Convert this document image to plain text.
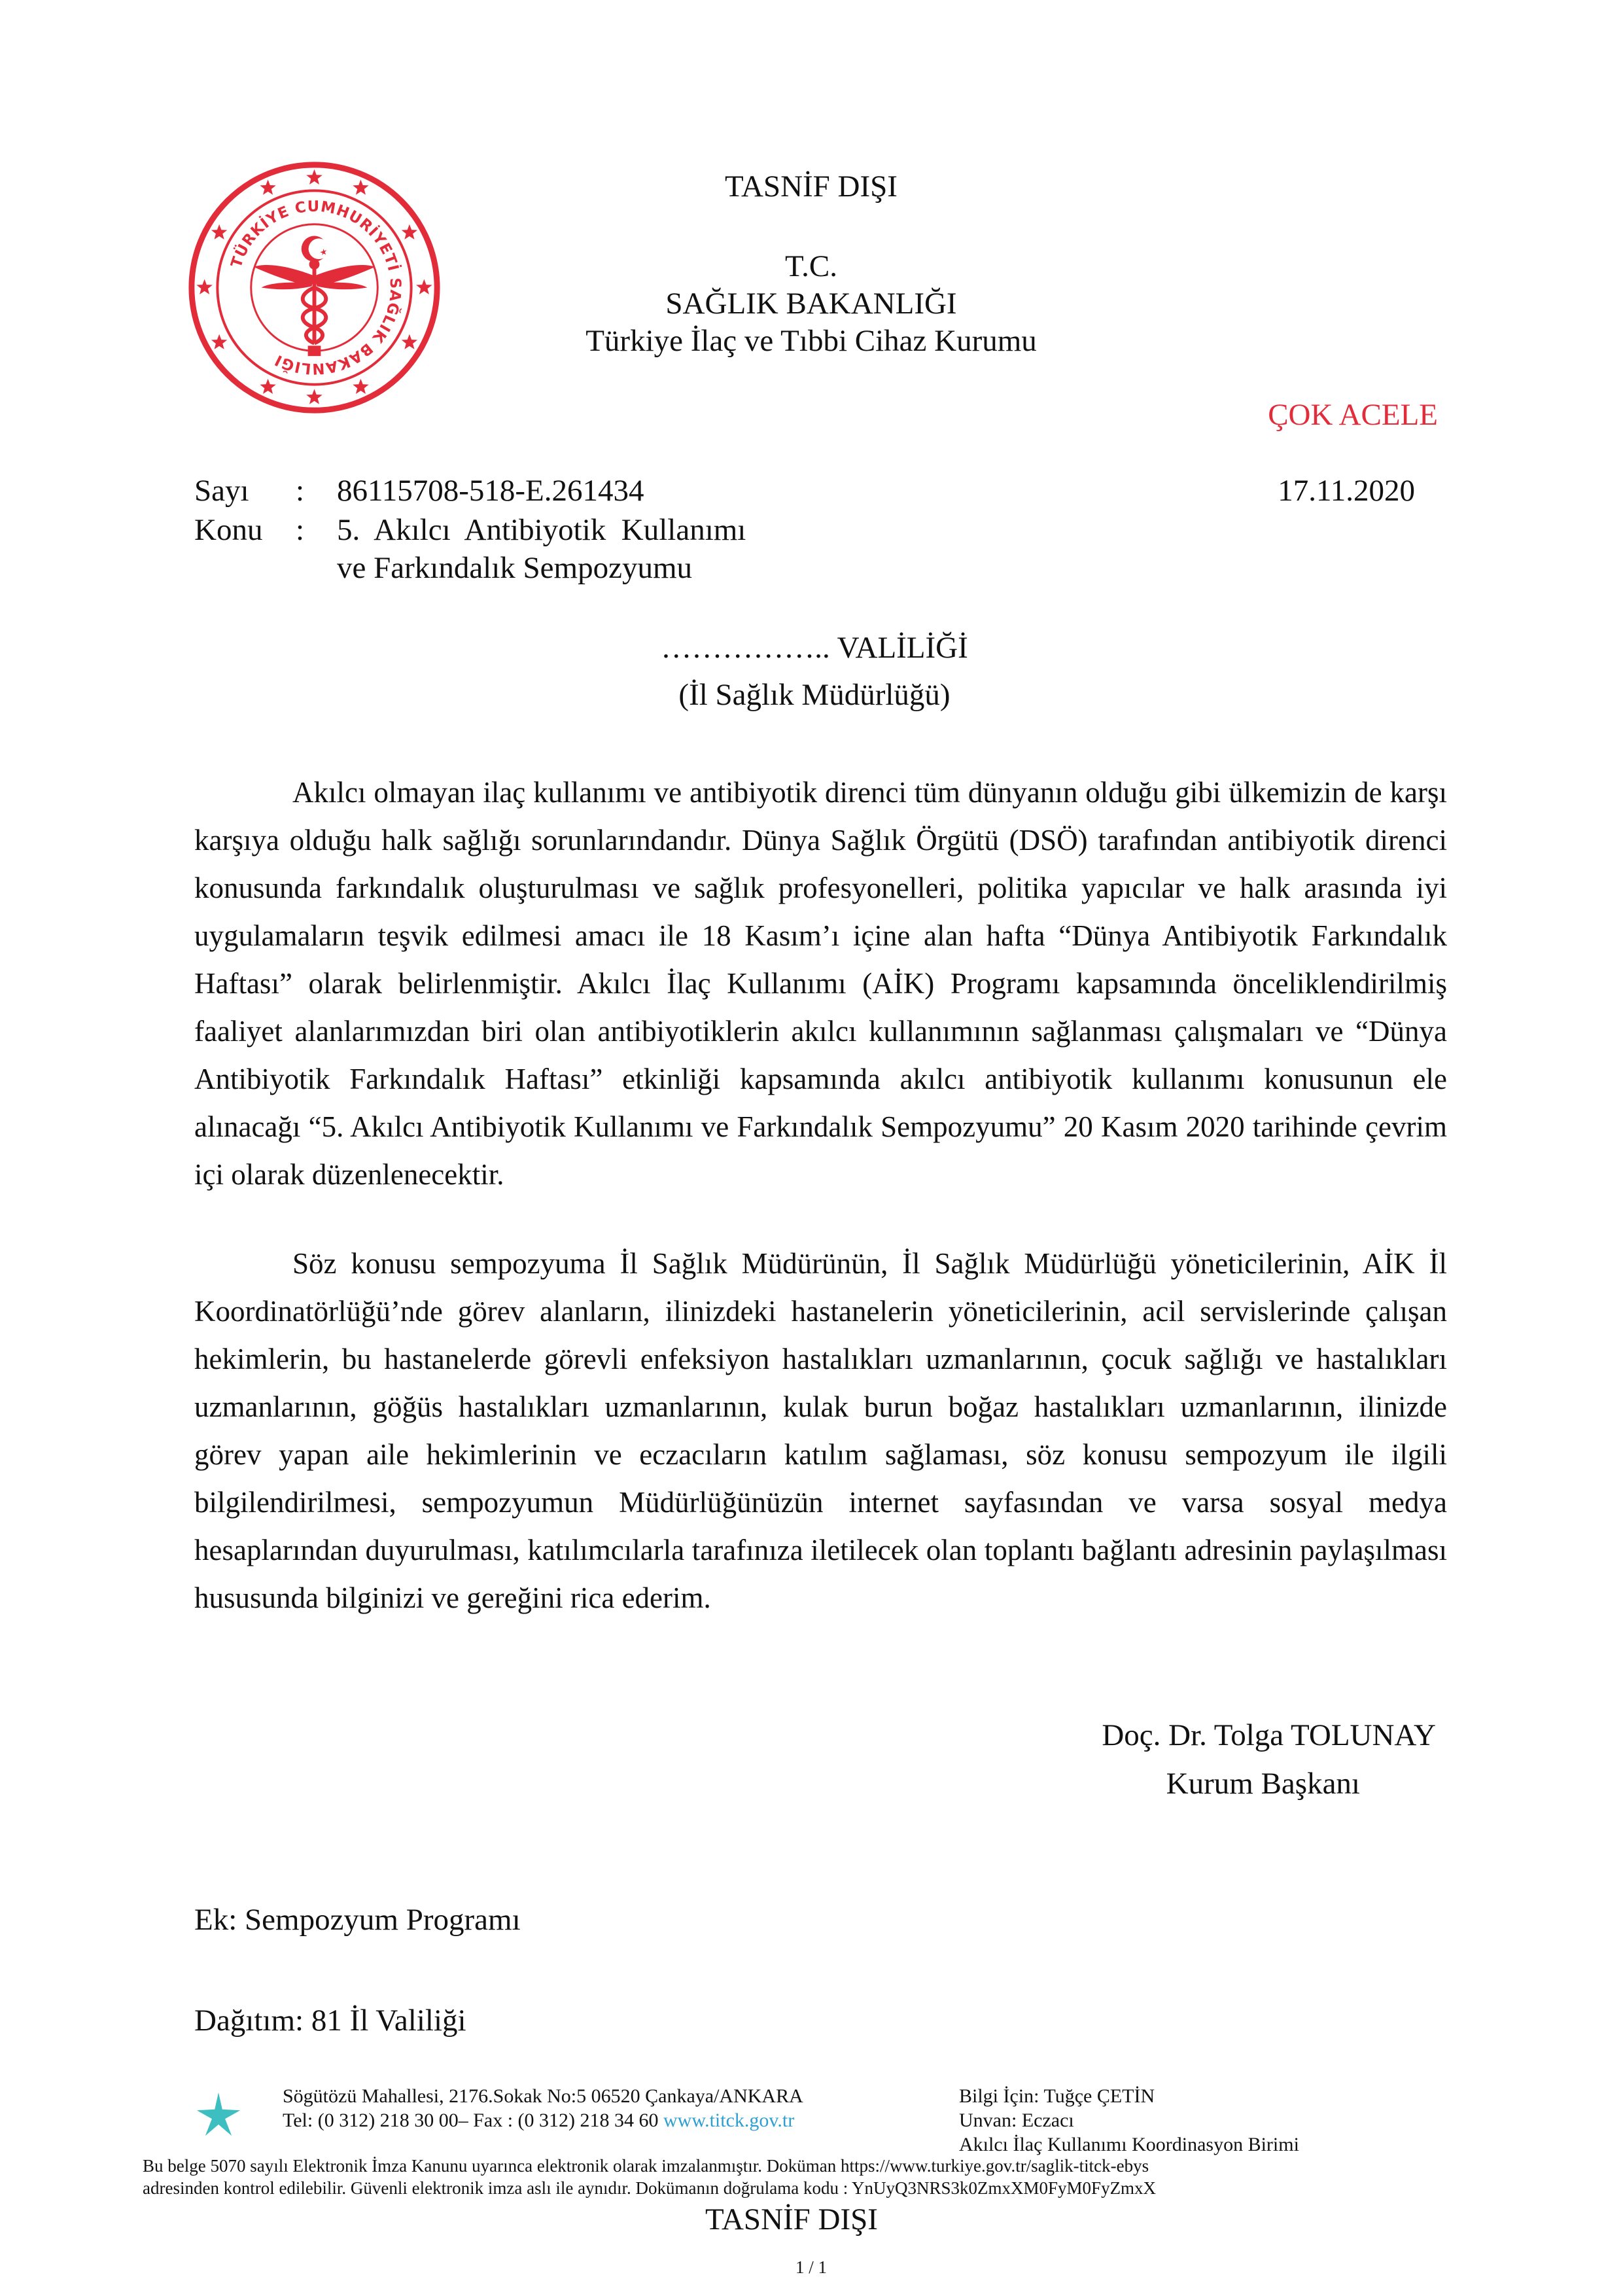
TÜRKİYE CUMHURİYETİ SAĞLIK BAKANLIĞI
TASNİF DIŞI
T.C.
SAĞLIK BAKANLIĞI
Türkiye İlaç ve Tıbbi Cihaz Kurumu
ÇOK ACELE
Sayı : 86115708-518-E.261434	17.11.2020
Konu : 5.  Akılcı  Antibiyotik  Kullanımı
ve Farkındalık Sempozyumu
…………….. VALİLİĞİ
(İl Sağlık Müdürlüğü)
Akılcı olmayan ilaç kullanımı ve antibiyotik direnci tüm dünyanın olduğu gibi ülkemizin de karşı karşıya olduğu halk sağlığı sorunlarındandır. Dünya Sağlık Örgütü (DSÖ) tarafından antibiyotik direnci konusunda farkındalık oluşturulması ve sağlık profesyonelleri, politika yapıcılar ve halk arasında iyi uygulamaların teşvik edilmesi amacı ile 18 Kasım’ı içine alan hafta “Dünya Antibiyotik Farkındalık Haftası” olarak belirlenmiştir. Akılcı İlaç Kullanımı (AİK) Programı kapsamında önceliklendirilmiş faaliyet alanlarımızdan biri olan antibiyotiklerin akılcı kullanımının sağlanması çalışmaları ve “Dünya Antibiyotik Farkındalık Haftası” etkinliği kapsamında akılcı antibiyotik kullanımı konusunun ele alınacağı “5. Akılcı Antibiyotik Kullanımı ve Farkındalık Sempozyumu” 20 Kasım 2020 tarihinde çevrim içi olarak düzenlenecektir.
Söz konusu sempozyuma İl Sağlık Müdürünün, İl Sağlık Müdürlüğü yöneticilerinin, AİK İl Koordinatörlüğü’nde görev alanların, ilinizdeki hastanelerin yöneticilerinin, acil servislerinde çalışan hekimlerin, bu hastanelerde görevli enfeksiyon hastalıkları uzmanlarının, çocuk sağlığı ve hastalıkları uzmanlarının, göğüs hastalıkları uzmanlarının, kulak burun boğaz hastalıkları uzmanlarının, ilinizde görev yapan aile hekimlerinin ve eczacıların katılım sağlaması, söz konusu sempozyum ile ilgili bilgilendirilmesi, sempozyumun Müdürlüğünüzün internet sayfasından ve varsa sosyal medya hesaplarından duyurulması, katılımcılarla tarafınıza iletilecek olan toplantı bağlantı adresinin paylaşılması hususunda bilginizi ve gereğini rica ederim.
Doç. Dr. Tolga TOLUNAY
Kurum Başkanı
Ek: Sempozyum Programı
Dağıtım: 81 İl Valiliği
Sögütözü Mahallesi, 2176.Sokak No:5 06520 Çankaya/ANKARA
Tel: (0 312) 218 30 00– Fax : (0 312) 218 34 60 www.titck.gov.tr
Bilgi İçin: Tuğçe ÇETİN
Unvan: Eczacı
Akılcı İlaç Kullanımı Koordinasyon Birimi
Bu belge 5070 sayılı Elektronik İmza Kanunu uyarınca elektronik olarak imzalanmıştır. Doküman https://www.turkiye.gov.tr/saglik-titck-ebys
adresinden kontrol edilebilir. Güvenli elektronik imza aslı ile aynıdır. Dokümanın doğrulama kodu : YnUyQ3NRS3k0ZmxXM0FyM0FyZmxX
TASNİF DIŞI
1 / 1
